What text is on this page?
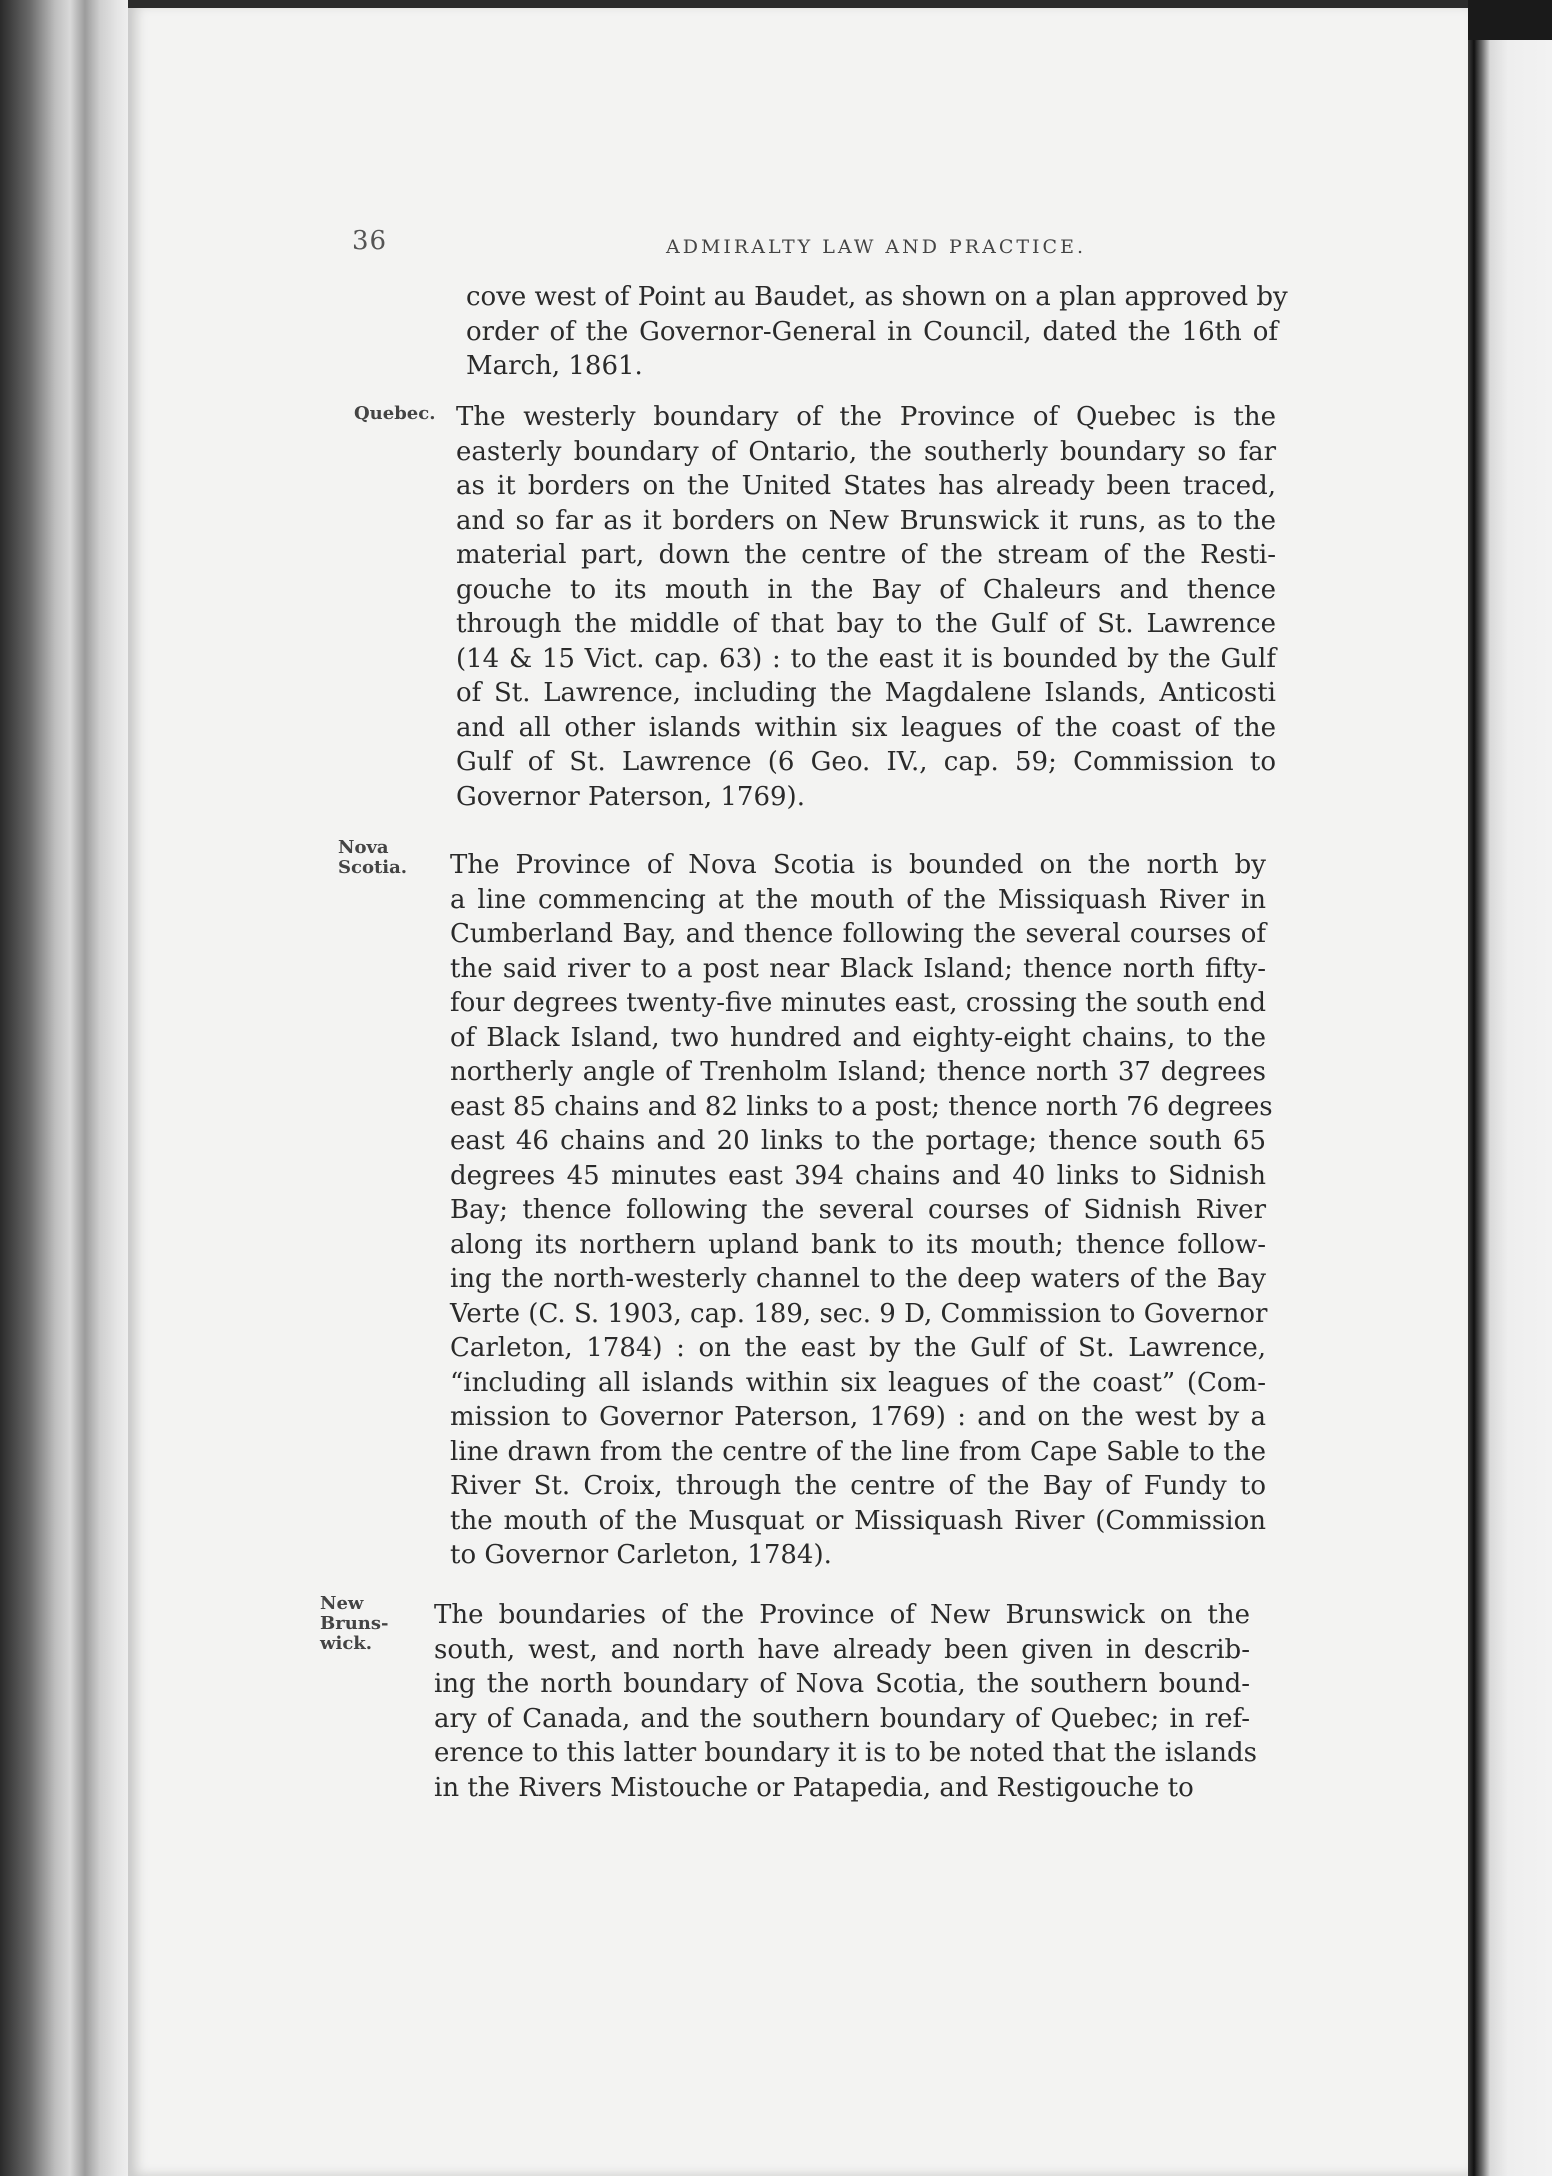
36	ADMIRALTY LAW AND PRACTICE.
cove west of Point au Baudet, as shown on a plan approved by
order of the Governor-General in Council, dated the 16th of
March, 1861.
Quebec. The westerly boundary of the Province of Quebec is the
easterly boundary of Ontario, the southerly boundary so far
as it borders on the United States has already been traced,
and so far as it borders on New Brunswick it runs, as to the
material part, down the centre of the stream of the Resti-
gouche to its mouth in the Bay of Chaleurs and thence
through the middle of that bay to the Gulf of St. Lawrence
(14 & 15 Vict. cap. 63) : to the east it is bounded by the Gulf
of St. Lawrence, including the Magdalene Islands, Anticosti
and all other islands within six leagues of the coast of the
Gulf of St. Lawrence (6 Geo. IV., cap. 59; Commission to
Governor Paterson, 1769).
Nova
Scotia. The Province of Nova Scotia is bounded on the north by
a line commencing at the mouth of the Missiquash River in
Cumberland Bay, and thence following the several courses of
the said river to a post near Black Island; thence north fifty-
four degrees twenty-five minutes east, crossing the south end
of Black Island, two hundred and eighty-eight chains, to the
northerly angle of Trenholm Island; thence north 37 degrees
east 85 chains and 82 links to a post; thence north 76 degrees
east 46 chains and 20 links to the portage; thence south 65
degrees 45 minutes east 394 chains and 40 links to Sidnish
Bay; thence following the several courses of Sidnish River
along its northern upland bank to its mouth; thence follow-
ing the north-westerly channel to the deep waters of the Bay
Verte (C. S. 1903, cap. 189, sec. 9 D, Commission to Governor
Carleton, 1784) : on the east by the Gulf of St. Lawrence,
“including all islands within six leagues of the coast” (Com-
mission to Governor Paterson, 1769) : and on the west by a
line drawn from the centre of the line from Cape Sable to the
River St. Croix, through the centre of the Bay of Fundy to
the mouth of the Musquat or Missiquash River (Commission
to Governor Carleton, 1784).
New
Bruns-
wick.
The boundaries of the Province of New Brunswick on the
south, west, and north have already been given in describ-
ing the north boundary of Nova Scotia, the southern bound-
ary of Canada, and the southern boundary of Quebec; in ref-
erence to this latter boundary it is to be noted that the islands
in the Rivers Mistouche or Patapedia, and Restigouche to
